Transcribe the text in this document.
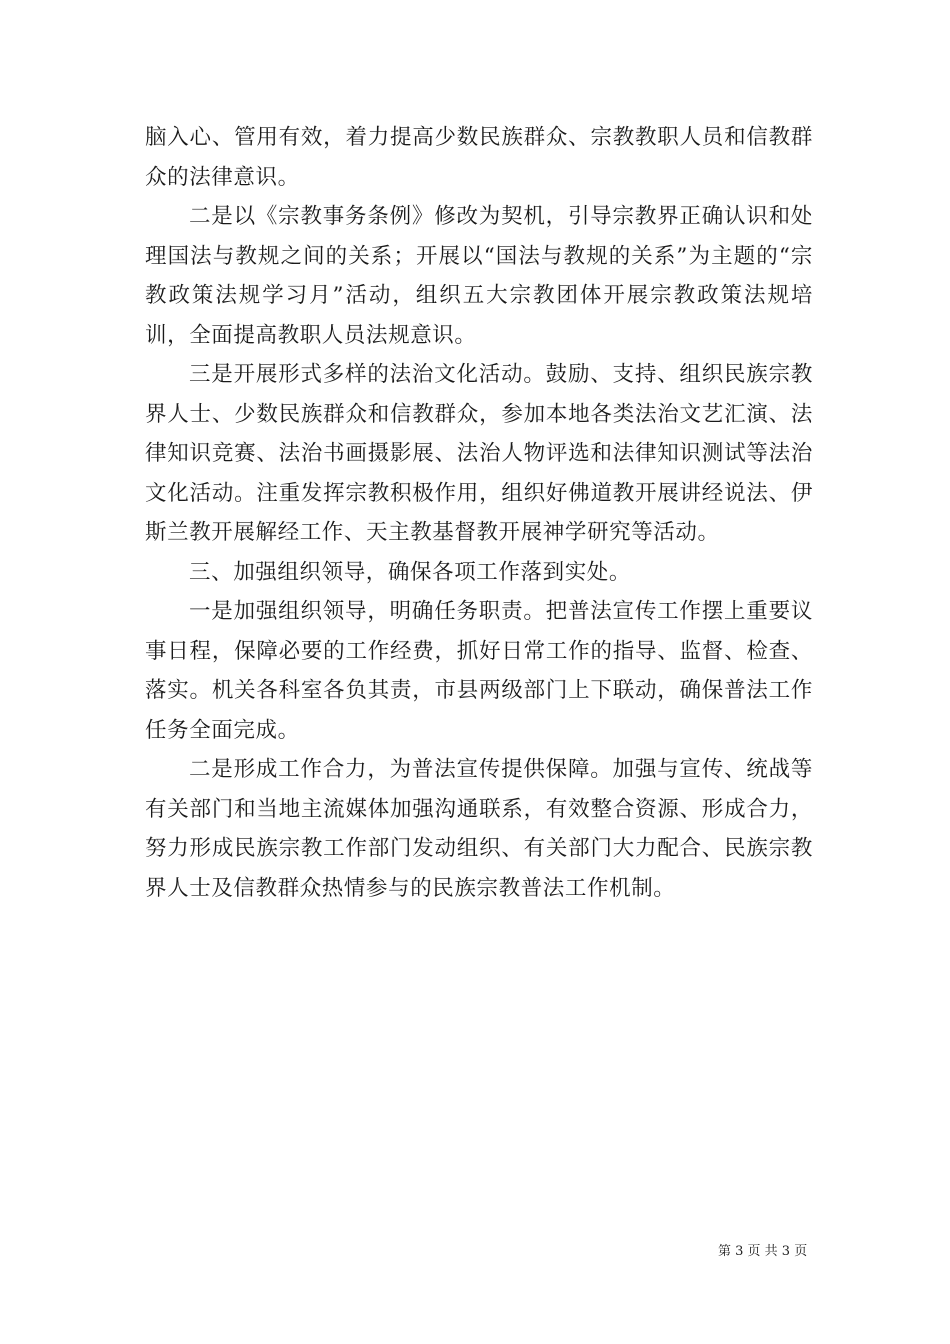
脑入心、管用有效，着力提高少数民族群众、宗教教职人员和信教群众的法律意识。

二是以《宗教事务条例》修改为契机，引导宗教界正确认识和处理国法与教规之间的关系；开展以“国法与教规的关系”为主题的“宗教政策法规学习月”活动，组织五大宗教团体开展宗教政策法规培训，全面提高教职人员法规意识。

三是开展形式多样的法治文化活动。鼓励、支持、组织民族宗教界人士、少数民族群众和信教群众，参加本地各类法治文艺汇演、法律知识竞赛、法治书画摄影展、法治人物评选和法律知识测试等法治文化活动。注重发挥宗教积极作用，组织好佛道教开展讲经说法、伊斯兰教开展解经工作、天主教基督教开展神学研究等活动。

三、加强组织领导，确保各项工作落到实处。

一是加强组织领导，明确任务职责。把普法宣传工作摆上重要议事日程，保障必要的工作经费，抓好日常工作的指导、监督、检查、落实。机关各科室各负其责，市县两级部门上下联动，确保普法工作任务全面完成。

二是形成工作合力，为普法宣传提供保障。加强与宣传、统战等有关部门和当地主流媒体加强沟通联系，有效整合资源、形成合力，努力形成民族宗教工作部门发动组织、有关部门大力配合、民族宗教界人士及信教群众热情参与的民族宗教普法工作机制。

第 3 页 共 3 页
